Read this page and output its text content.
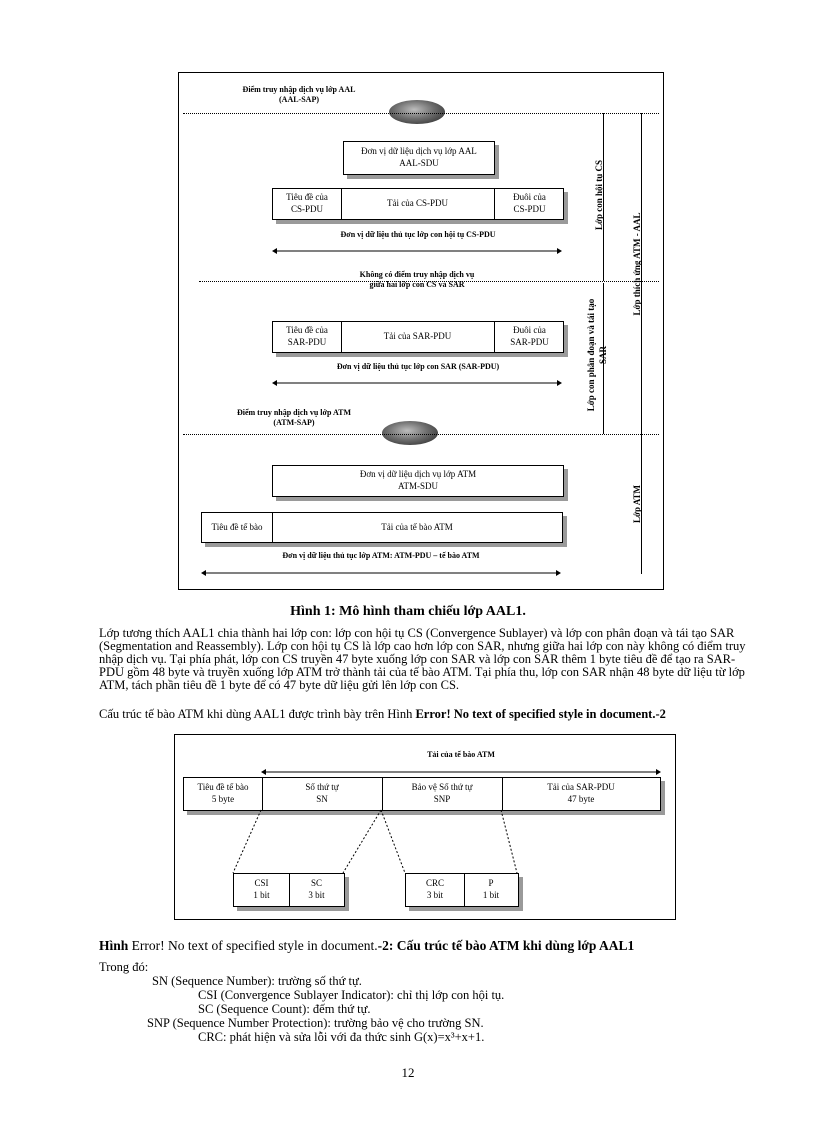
Điểm truy nhập dịch vụ lớp AAL
(AAL-SAP)
Đơn vị dữ liệu dịch vụ lớp AAL
AAL-SDU
Tiêu đề của
CS-PDU
Tải của CS-PDU
Đuôi của
CS-PDU
Đơn vị dữ liệu thủ tục lớp con hội tụ CS-PDU
Không có điểm truy nhập dịch vụ
giữa hai lớp con CS và SAR
Tiêu đề của
SAR-PDU
Tải của SAR-PDU
Đuôi của
SAR-PDU
Đơn vị dữ liệu thủ tục lớp con SAR (SAR-PDU)
Điểm truy nhập dịch vụ lớp ATM
(ATM-SAP)
Đơn vị dữ liệu dịch vụ lớp ATM
ATM-SDU
Tiêu đề tế bào	Tải của tế bào ATM
Đơn vị dữ liệu thủ tục lớp ATM: ATM-PDU – tế bào ATM
Lớp con hội tụ CS
Lớp con phân đoạn và tái tạo SAR
Lớp thích ứng ATM - AAL
Lớp ATM
Hình 1: Mô hình tham chiếu lớp AAL1.
Lớp tương thích AAL1 chia thành hai lớp con: lớp con hội tụ CS (Convergence Sublayer) và lớp con phân đoạn và tái tạo SAR (Segmentation and Reassembly). Lớp con hội tụ CS là lớp cao hơn lớp con SAR, nhưng giữa hai lớp con này không có điểm truy nhập dịch vụ. Tại phía phát, lớp con CS truyền 47 byte xuống lớp con SAR và lớp con SAR thêm 1 byte tiêu đề để tạo ra SAR-PDU gồm 48 byte và truyền xuống lớp ATM trở thành tải của tế bào ATM. Tại phía thu, lớp con SAR nhận 48 byte dữ liệu từ lớp ATM, tách phần tiêu đề 1 byte để có 47 byte dữ liệu gửi lên lớp con CS.
Cấu trúc tế bào ATM khi dùng AAL1 được trình bày trên Hình Error! No text of specified style in document.-2
Tải của tế bào ATM
Tiêu đề tế bào
5 byte
Số thứ tự
SN
Bảo vệ Số thứ tự
SNP
Tải của SAR-PDU
47 byte
CSI
1 bit
SC
3 bit
CRC
3 bit
P
1 bit
Hình Error! No text of specified style in document.-2: Cấu trúc tế bào ATM khi dùng lớp AAL1
Trong đó:
SN (Sequence Number): trường số thứ tự.
CSI (Convergence Sublayer Indicator): chỉ thị lớp con hội tụ.
SC (Sequence Count): đếm thứ tự.
SNP (Sequence Number Protection): trường bảo vệ cho trường SN.
CRC: phát hiện và sửa lỗi với đa thức sinh G(x)=x³+x+1.
12
